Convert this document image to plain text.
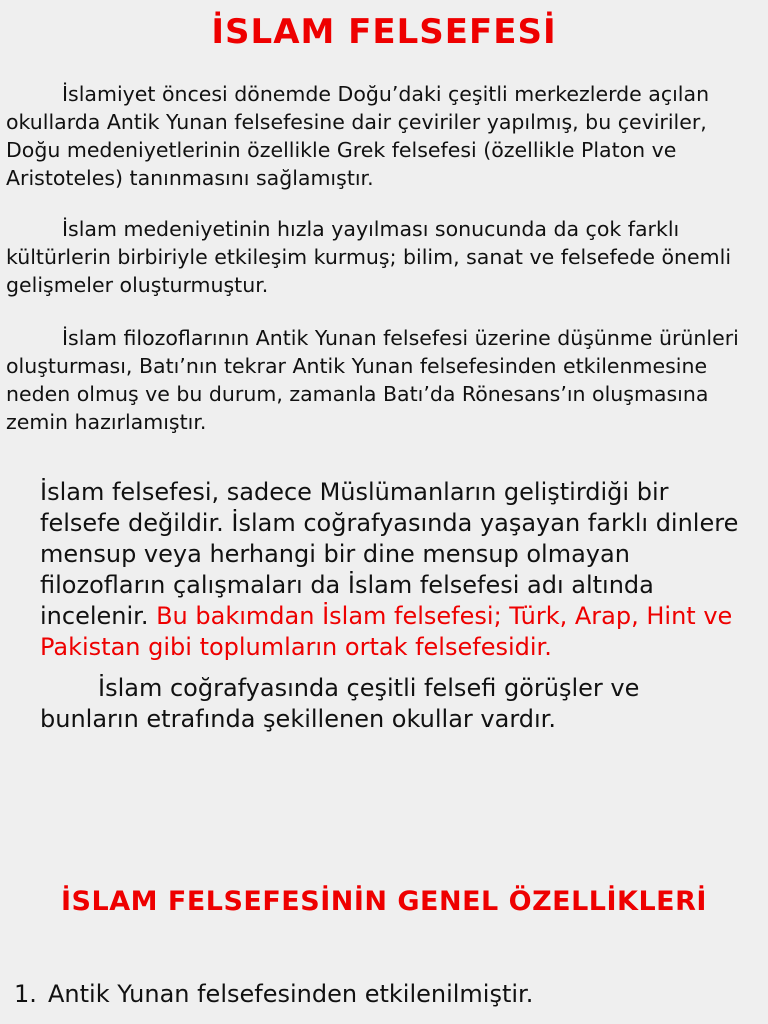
İSLAM FELSEFESİ

İslamiyet öncesi dönemde Doğu’daki çeşitli merkezlerde açılan okullarda Antik Yunan felsefesine dair çeviriler yapılmış, bu çeviriler, Doğu medeniyetlerinin özellikle Grek felsefesi (özellikle Platon ve Aristoteles) tanınmasını sağlamıştır.

İslam medeniyetinin hızla yayılması sonucunda da çok farklı kültürlerin birbiriyle etkileşim kurmuş; bilim, sanat ve felsefede önemli gelişmeler oluşturmuştur.

İslam filozoflarının Antik Yunan felsefesi üzerine düşünme ürünleri oluşturması, Batı’nın tekrar Antik Yunan felsefesinden etkilenmesine neden olmuş ve bu durum, zamanla Batı’da Rönesans’ın oluşmasına zemin hazırlamıştır.

İslam felsefesi, sadece Müslümanların geliştirdiği bir felsefe değildir. İslam coğrafyasında yaşayan farklı dinlere mensup veya herhangi bir dine mensup olmayan filozofların çalışmaları da İslam felsefesi adı altında incelenir. Bu bakımdan İslam felsefesi; Türk, Arap, Hint ve Pakistan gibi toplumların ortak felsefesidir.

İslam coğrafyasında çeşitli felsefi görüşler ve bunların etrafında şekillenen okullar vardır.

İSLAM FELSEFESİNİN GENEL ÖZELLİKLERİ
1. Antik Yunan felsefesinden etkilenilmiştir.
